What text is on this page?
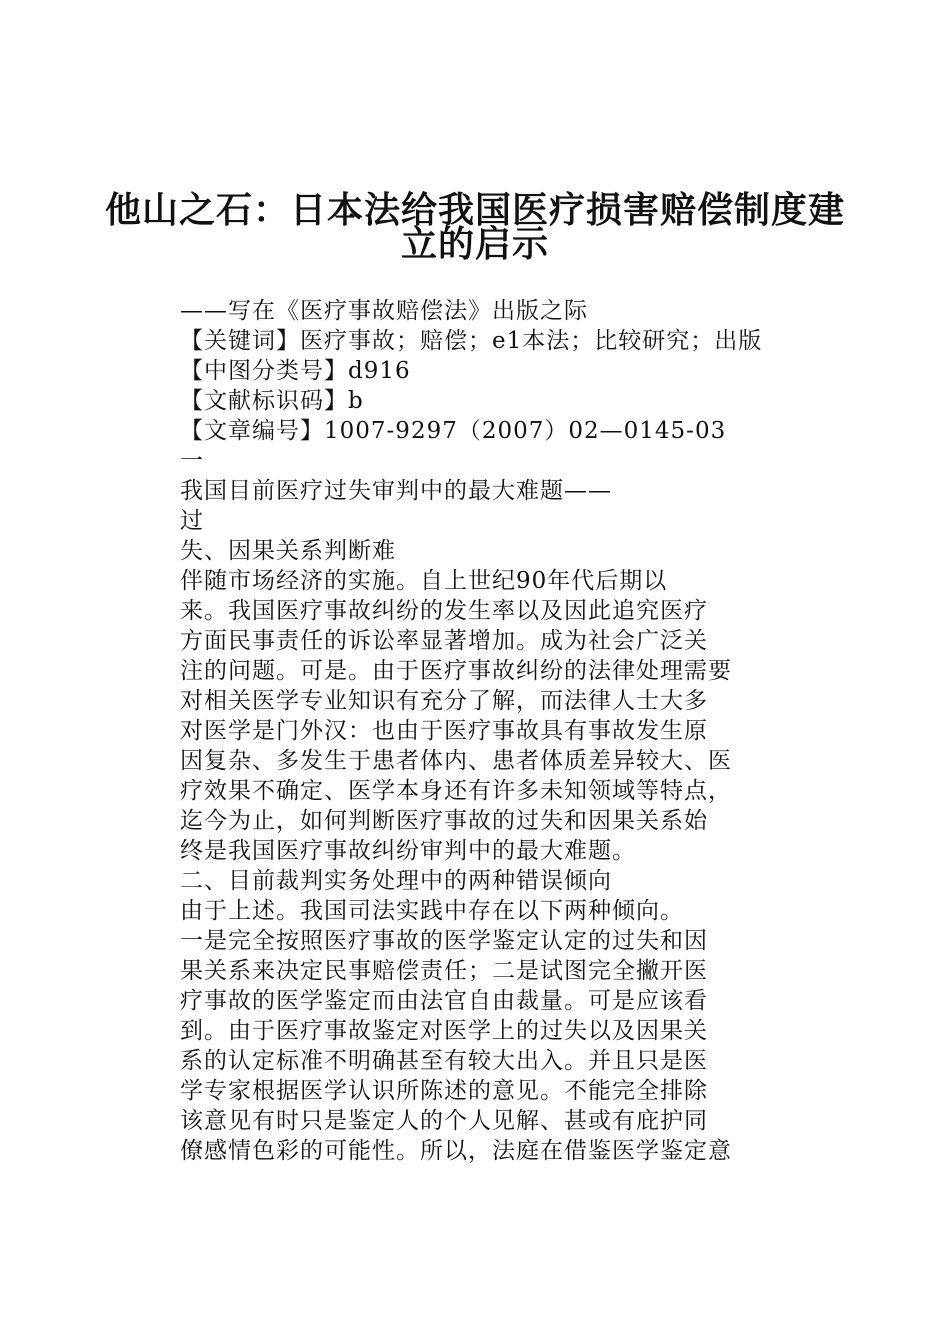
他山之石：日本法给我国医疗损害赔偿制度建
立的启示
——写在《医疗事故赔偿法》出版之际
【关键词】医疗事故；赔偿；e1本法；比较研究；出版
【中图分类号】d916
【文献标识码】b
【文章编号】1007-9297（2007）02—0145-03
一
我国目前医疗过失审判中的最大难题——
过
失、因果关系判断难
伴随市场经济的实施。自上世纪90年代后期以
来。我国医疗事故纠纷的发生率以及因此追究医疗
方面民事责任的诉讼率显著增加。成为社会广泛关
注的问题。可是。由于医疗事故纠纷的法律处理需要
对相关医学专业知识有充分了解，而法律人士大多
对医学是门外汉：也由于医疗事故具有事故发生原
因复杂、多发生于患者体内、患者体质差异较大、医
疗效果不确定、医学本身还有许多未知领域等特点，
迄今为止，如何判断医疗事故的过失和因果关系始
终是我国医疗事故纠纷审判中的最大难题。
二、目前裁判实务处理中的两种错误倾向
由于上述。我国司法实践中存在以下两种倾向。
一是完全按照医疗事故的医学鉴定认定的过失和因
果关系来决定民事赔偿责任；二是试图完全撇开医
疗事故的医学鉴定而由法官自由裁量。可是应该看
到。由于医疗事故鉴定对医学上的过失以及因果关
系的认定标准不明确甚至有较大出入。并且只是医
学专家根据医学认识所陈述的意见。不能完全排除
该意见有时只是鉴定人的个人见解、甚或有庇护同
僚感情色彩的可能性。所以，法庭在借鉴医学鉴定意
